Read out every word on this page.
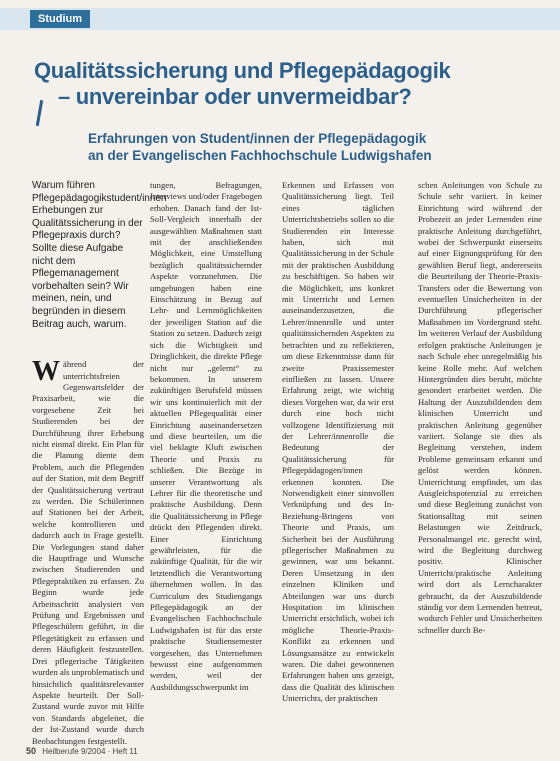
Studium
Qualitätssicherung und Pflegepädagogik
– unvereinbar oder unvermeidbar?
Erfahrungen von Student/innen der Pflegepädagogik
an der Evangelischen Fachhochschule Ludwigshafen

Warum führen Pflegepädagogikstudent/innen Erhebungen zur Qualitätssicherung in der Pflegepraxis durch? Sollte diese Aufgabe nicht dem Pflegemanagement vorbehalten sein? Wir meinen, nein, und begründen in diesem Beitrag auch, warum.

Während der unterrichtsfreien Gegenwartsfelder der Praxisarbeit, wie die vorgesehene Zeit bei Studierenden bei der Durchführung ihrer Erhebung nicht einmal direkt. Ein Plan für die Planung diente dem Problem, auch die Pflegenden auf der Station, mit dem Begriff der Qualitätssicherung vertraut zu werden. Die Schülerinnen auf Stationen bei der Arbeit, welche kontrollieren und dadurch auch in Frage gestellt. Die Vorlegungen stand daher die Hauptfrage und Wunsche zwischen Studierenden und Pflegepraktiken zu erfassen. Zu Beginn wurde jede Arbeitsschritt analysiert von Prüfung und Ergebnissen und Pflegeschülern geführt, in die Pflegetätigkeit zu erfassen und deren Häufigkeit festzustellen. Drei pflegerische Tätigkeiten wurden als unproblematisch und hinsichtlich qualitätsrelevanter Aspekte beurteilt. Der Soll-Zustand wurde zuvor mit Hilfe von Standards abgeleitet, die der Ist-Zustand wurde durch Beobachtungen festgestellt.

tungen, Befragungen, Interviews und/oder Fragebogen erhoben. Danach fand der Ist-Soll-Vergleich innerhalb der ausgewählten Maßnahmen statt mit der anschließenden Möglichkeit, eine Umstellung bezüglich qualitätssichernder Aspekte vorzunehmen. Die umgebungen haben eine Einschätzung in Bezug auf Lehr- und Lernmöglichkeiten der jeweiligen Station auf die Station zu setzen. Dadurch zeigt sich die Wichtigkeit und Dringlichkeit, die direkte Pflege nicht nur „gelernt“ zu bekommen. In unserem zukünftigen Berufsfeld müssen wir uns kontinuierlich mit der aktuellen Pflegequalität einer Einrichtung auseinandersetzen und diese beurteilen, um die viel beklagte Kluft zwischen Theorie und Praxis zu schließen. Die Bezüge in unserer Verantwortung als Lehrer für die theoretische und praktische Ausbildung. Denn die Qualitätssicherung in Pflege drückt den Pflegenden direkt. Einer Einrichtung gewährleisten, für die zukünftige Qualität, für die wir letztendlich die Verantwortung übernehmen wollen. In das Curriculum des Studiengangs Pflegepädagogik an der Evangelischen Fachhochschule Ludwigshafen ist für das erste praktische Studiensemester vorgesehen, das Unternehmen bewusst eine aufgenommen werden, weil der Ausbildungsschwerpunkt im

Erkennen und Erfassen von Qualitätssicherung liegt. Teil eines täglichen Unterrichtsbetriebs sollen so die Studierenden ein Interesse haben, sich mit Qualitätssicherung in der Schule mit der praktischen Ausbildung zu beschäftigen. So haben wir die Möglichkeit, uns konkret mit Unterricht und Lernen auseinanderzusetzen, die Lehrer/innenrolle und unter qualitätssichernden Aspekten zu betrachten und zu reflektieren, um diese Erkenntnisse dann für zweite Praxissemester einfließen zu lassen. Unsere Erfahrung zeigt, wie wichtig dieses Vorgehen war, da wir erst durch eine hoch nicht vollzogene Identifizierung mit der Lehrer/innenrolle die Bedeutung der Qualitätssicherung für Pflegepädagogen/innen erkennen konnten. Die Notwendigkeit einer sinnvollen Verknüpfung und des In-Beziehung-Bringens von Theorie und Praxis, um Sicherheit bei der Ausführung pflegerischer Maßnahmen zu gewinnen, war uns bekannt. Deren Umsetzung in den einzelnen Kliniken und Abteilungen war uns durch Hospitation im klinischen Unterricht ersichtlich, wobei ich mögliche Theorie-Praxis-Konflikt zu erkennen und Lösungsansätze zu entwickeln waren. Die dabei gewonnenen Erfahrungen haben uns gezeigt, dass die Qualität des klinischen Unterrichts, der praktischen

schen Anleitungen von Schule zu Schule sehr variiert. In keiner Einrichtung wird während der Probezeit an jeder Lernenden eine praktische Anleitung durchgeführt, wobei der Schwerpunkt einerseits auf einer Eignungsprüfung für den gewählten Beruf liegt, andererseits die Beurteilung der Theorie-Praxis-Transfers oder die Bewertung von eventuellen Unsicherheiten in der Durchführung pflegerischer Maßnahmen im Vordergrund steht. Im weiteren Verlauf der Ausbildung erfolgen praktische Anleitungen je nach Schule eher unregelmäßig bis keine Rolle mehr. Auf welchen Hintergründen dies beruht, möchte gesondert erarbeitet werden. Die Haltung der Auszubildenden dem klinischen Unterricht und praktischen Anleitung gegenüber variiert. Solange sie dies als Begleitung verstehen, indem Probleme gemeinsam erkannt und gelöst werden können. Unterrichtung empfindet, um das Ausgleichspotenzial zu erreichen und diese Begleitung zunächst von Stationsalltag mit seinen Belastungen wie Zeitdruck, Personalmangel etc. gerecht wird, wird die Begleitung durchweg positiv. Klinischer Unterricht/praktische Anleitung wird dort als Lerncharakter gebraucht, da der Auszubildende ständig vor dem Lernenden betreut, wodurch Fehler und Unsicherheiten schneller durch Be-

50 Heilberufe 9/2004 · Heft 11
